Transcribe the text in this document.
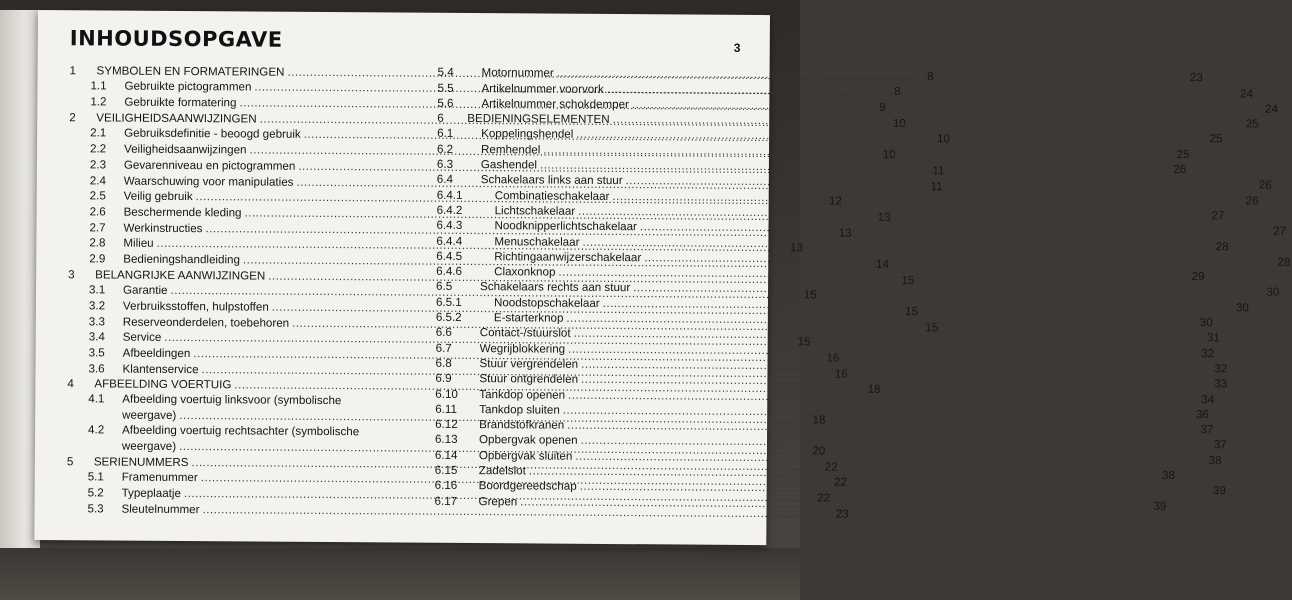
INHOUDSOPGAVE	3
1	SYMBOLEN EN FORMATERINGEN .....	8
1.1	Gebruikte pictogrammen .....	8
1.2	Gebruikte formatering .....	9
2	VEILIGHEIDSAANWIJZINGEN .....	10
2.1	Gebruiksdefinitie - beoogd gebruik .....	10
2.2	Veiligheidsaanwijzingen .....	10
2.3	Gevarenniveau en pictogrammen .....	11
2.4	Waarschuwing voor manipulaties .....	11
2.5	Veilig gebruik .....	12
2.6	Beschermende kleding .....	13
2.7	Werkinstructies .....	13
2.8	Milieu .....	13
2.9	Bedieningshandleiding .....	14
3	BELANGRIJKE AANWIJZINGEN .....	15
3.1	Garantie .....	15
3.2	Verbruiksstoffen, hulpstoffen .....	15
3.3	Reserveonderdelen, toebehoren .....	15
3.4	Service .....	15
3.5	Afbeeldingen .....	16
3.6	Klantenservice .....	16
4	AFBEELDING VOERTUIG .....	18
4.1	Afbeelding voertuig linksvoor (symbolische
weergave) .....	18
4.2	Afbeelding voertuig rechtsachter (symbolische
weergave) .....	20
5	SERIENUMMERS .....	22
5.1	Framenummer .....	22
5.2	Typeplaatje .....	22
5.3	Sleutelnummer .....	23
5.4	Motornummer .....	23
5.5	Artikelnummer voorvork .....	24
5.6	Artikelnummer schokdemper .....	24
6	BEDIENINGSELEMENTEN .....	25
6.1	Koppelingshendel .....	25
6.2	Remhendel .....	25
6.3	Gashendel .....	26
6.4	Schakelaars links aan stuur .....	26
6.4.1	Combinatieschakelaar .....	26
6.4.2	Lichtschakelaar .....	27
6.4.3	Noodknipperlichtschakelaar .....	27
6.4.4	Menuschakelaar .....	28
6.4.5	Richtingaanwijzerschakelaar .....	28
6.4.6	Claxonknop .....	29
6.5	Schakelaars rechts aan stuur .....	30
6.5.1	Noodstopschakelaar .....	30
6.5.2	E-starterknop .....	30
6.6	Contact-/stuurslot .....	31
6.7	Wegrijblokkering .....	32
6.8	Stuur vergrendelen .....	32
6.9	Stuur ontgrendelen .....	33
6.10	Tankdop openen .....	34
6.11	Tankdop sluiten .....	36
6.12	Brandstofkranen .....	37
6.13	Opbergvak openen .....	37
6.14	Opbergvak sluiten .....	38
6.15	Zadelslot .....	38
6.16	Boordgereedschap .....	39
6.17	Grepen .....	39
